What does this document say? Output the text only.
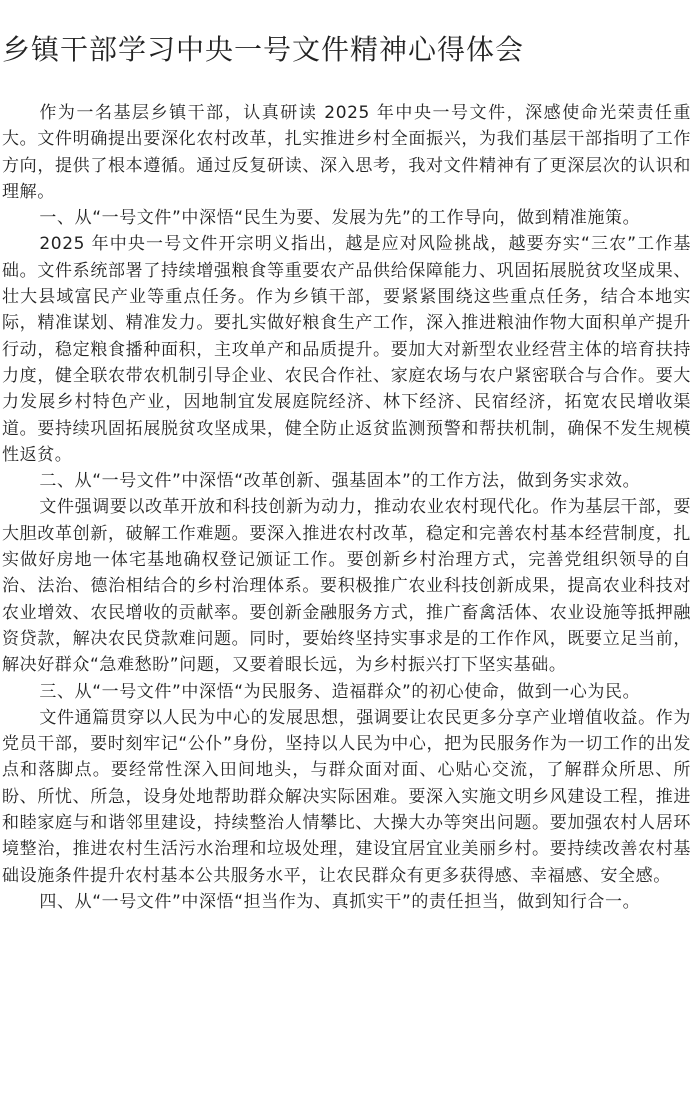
乡镇干部学习中央一号文件精神心得体会

作为一名基层乡镇干部，认真研读 2025 年中央一号文件，深感使命光荣责任重大。文件明确提出要深化农村改革，扎实推进乡村全面振兴，为我们基层干部指明了工作方向，提供了根本遵循。通过反复研读、深入思考，我对文件精神有了更深层次的认识和理解。

一、从“一号文件”中深悟“民生为要、发展为先”的工作导向，做到精准施策。

2025 年中央一号文件开宗明义指出，越是应对风险挑战，越要夯实“三农”工作基础。文件系统部署了持续增强粮食等重要农产品供给保障能力、巩固拓展脱贫攻坚成果、壮大县域富民产业等重点任务。作为乡镇干部，要紧紧围绕这些重点任务，结合本地实际，精准谋划、精准发力。要扎实做好粮食生产工作，深入推进粮油作物大面积单产提升行动，稳定粮食播种面积，主攻单产和品质提升。要加大对新型农业经营主体的培育扶持力度，健全联农带农机制引导企业、农民合作社、家庭农场与农户紧密联合与合作。要大力发展乡村特色产业，因地制宜发展庭院经济、林下经济、民宿经济，拓宽农民增收渠道。要持续巩固拓展脱贫攻坚成果，健全防止返贫监测预警和帮扶机制，确保不发生规模性返贫。

二、从“一号文件”中深悟“改革创新、强基固本”的工作方法，做到务实求效。

文件强调要以改革开放和科技创新为动力，推动农业农村现代化。作为基层干部，要大胆改革创新，破解工作难题。要深入推进农村改革，稳定和完善农村基本经营制度，扎实做好房地一体宅基地确权登记颁证工作。要创新乡村治理方式，完善党组织领导的自治、法治、德治相结合的乡村治理体系。要积极推广农业科技创新成果，提高农业科技对农业增效、农民增收的贡献率。要创新金融服务方式，推广畜禽活体、农业设施等抵押融资贷款，解决农民贷款难问题。同时，要始终坚持实事求是的工作作风，既要立足当前，解决好群众“急难愁盼”问题，又要着眼长远，为乡村振兴打下坚实基础。

三、从“一号文件”中深悟“为民服务、造福群众”的初心使命，做到一心为民。

文件通篇贯穿以人民为中心的发展思想，强调要让农民更多分享产业增值收益。作为党员干部，要时刻牢记“公仆”身份，坚持以人民为中心，把为民服务作为一切工作的出发点和落脚点。要经常性深入田间地头，与群众面对面、心贴心交流，了解群众所思、所盼、所忧、所急，设身处地帮助群众解决实际困难。要深入实施文明乡风建设工程，推进和睦家庭与和谐邻里建设，持续整治人情攀比、大操大办等突出问题。要加强农村人居环境整治，推进农村生活污水治理和垃圾处理，建设宜居宜业美丽乡村。要持续改善农村基础设施条件提升农村基本公共服务水平，让农民群众有更多获得感、幸福感、安全感。

四、从“一号文件”中深悟“担当作为、真抓实干”的责任担当，做到知行合一。
